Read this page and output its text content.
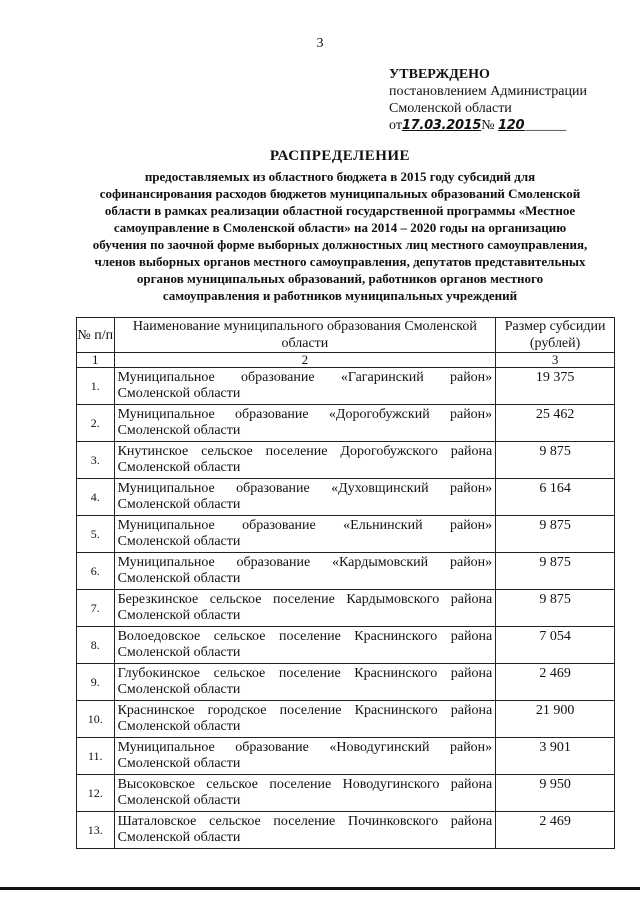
3
УТВЕРЖДЕНО
постановлением Администрации
Смоленской области
от17.03.2015№ 120______
РАСПРЕДЕЛЕНИЕ
предоставляемых из областного бюджета в 2015 году субсидий для софинансирования расходов бюджетов муниципальных образований Смоленской области в рамках реализации областной государственной программы «Местное самоуправление в Смоленской области» на 2014 – 2020 годы на организацию обучения по заочной форме выборных должностных лиц местного самоуправления, членов выборных органов местного самоуправления, депутатов представительных органов муниципальных образований, работников органов местного самоуправления и работников муниципальных учреждений
№ п/п	Наименование муниципального образования Смоленской области	Размер субсидии (рублей)
1	2	3
1.	Муниципальное образование «Гагаринский район» Смоленской области	19 375
2.	Муниципальное образование «Дорогобужский район» Смоленской области	25 462
3.	Кнутинское сельское поселение Дорогобужского района Смоленской области	9 875
4.	Муниципальное образование «Духовщинский район» Смоленской области	6 164
5.	Муниципальное образование «Ельнинский район» Смоленской области	9 875
6.	Муниципальное образование «Кардымовский район» Смоленской области	9 875
7.	Березкинское сельское поселение Кардымовского района Смоленской области	9 875
8.	Волоедовское сельское поселение Краснинского района Смоленской области	7 054
9.	Глубокинское сельское поселение Краснинского района Смоленской области	2 469
10.	Краснинское городское поселение Краснинского района Смоленской области	21 900
11.	Муниципальное образование «Новодугинский район» Смоленской области	3 901
12.	Высоковское сельское поселение Новодугинского района Смоленской области	9 950
13.	Шаталовское сельское поселение Починковского района Смоленской области	2 469
